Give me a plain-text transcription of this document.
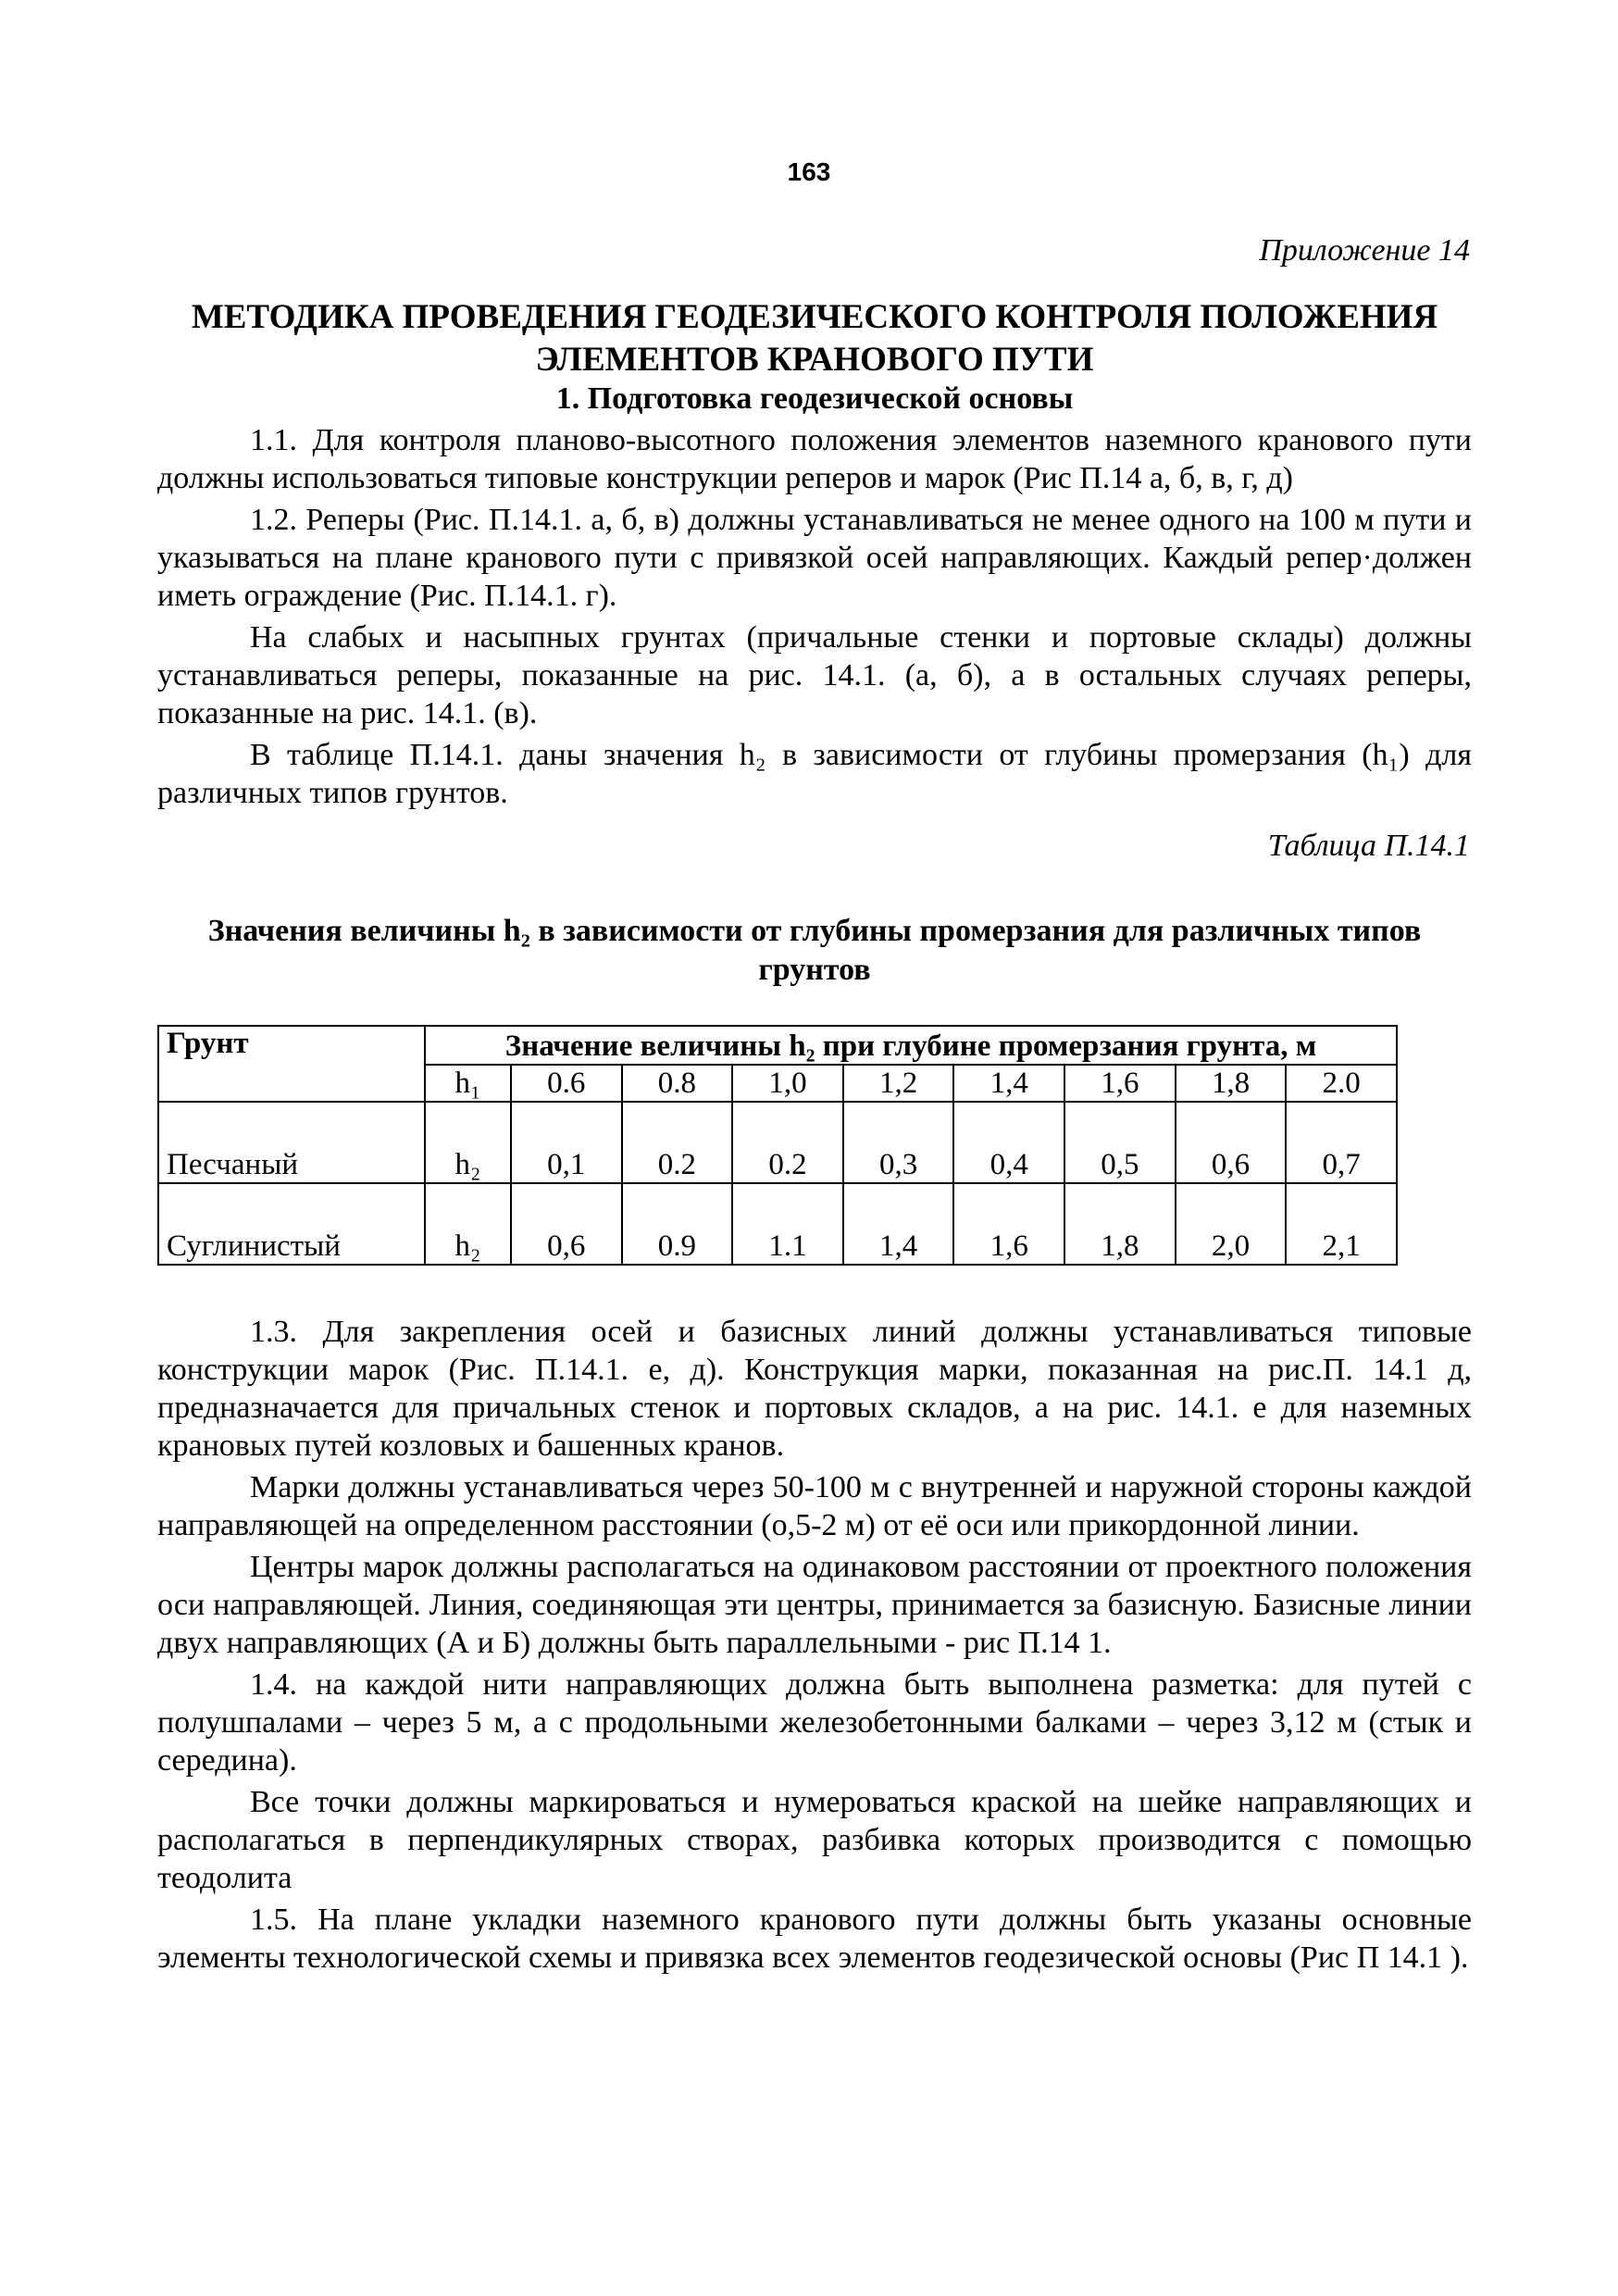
163
Приложение 14
МЕТОДИКА ПРОВЕДЕНИЯ ГЕОДЕЗИЧЕСКОГО КОНТРОЛЯ ПОЛОЖЕНИЯ ЭЛЕМЕНТОВ КРАНОВОГО ПУТИ
1. Подготовка геодезической основы

1.1. Для контроля планово-высотного положения элементов наземного кранового пути должны использоваться типовые конструкции реперов и марок (Рис П.14 а, б, в, г, д)

1.2. Реперы (Рис. П.14.1. а, б, в) должны устанавливаться не менее одного на 100 м пути и указываться на плане кранового пути с привязкой осей направляющих. Каждый репер·должен иметь ограждение (Рис. П.14.1. г).

На слабых и насыпных грунтах (причальные стенки и портовые склады) должны устанавливаться реперы, показанные на рис. 14.1. (а, б), а в остальных случаях реперы, показанные на рис. 14.1. (в).

В таблице П.14.1. даны значения h₂ в зависимости от глубины промерзания (h₁) для различных типов грунтов.

Таблица П.14.1
Значения величины h₂ в зависимости от глубины промерзания для различных типов грунтов
Грунт	Значение величины h₂ при глубине промерзания грунта, м								
	h₁	0.6	0.8	1,0	1,2	1,4	1,6	1,8	2.0
Песчаный	h₂	0,1	0.2	0.2	0,3	0,4	0,5	0,6	0,7
Суглинистый	h₂	0,6	0.9	1.1	1,4	1,6	1,8	2,0	2,1

1.3. Для закрепления осей и базисных линий должны устанавливаться типовые конструкции марок (Рис. П.14.1. е, д). Конструкция марки, показанная на рис.П. 14.1 д, предназначается для причальных стенок и портовых складов, а на рис. 14.1. е для наземных крановых путей козловых и башенных кранов.

Марки должны устанавливаться через 50-100 м с внутренней и наружной стороны каждой направляющей на определенном расстоянии (о,5-2 м) от её оси или прикордонной линии.

Центры марок должны располагаться на одинаковом расстоянии от проектного положения оси направляющей. Линия, соединяющая эти центры, принимается за базисную. Базисные линии двух направляющих (А и Б) должны быть параллельными - рис П.14 1.

1.4. на каждой нити направляющих должна быть выполнена разметка: для путей с полушпалами – через 5 м, а с продольными железобетонными балками – через 3,12 м (стык и середина).

Все точки должны маркироваться и нумероваться краской на шейке направляющих и располагаться в перпендикулярных створах, разбивка которых производится с помощью теодолита

1.5. На плане укладки наземного кранового пути должны быть указаны основные элементы технологической схемы и привязка всех элементов геодезической основы (Рис П 14.1 ).
